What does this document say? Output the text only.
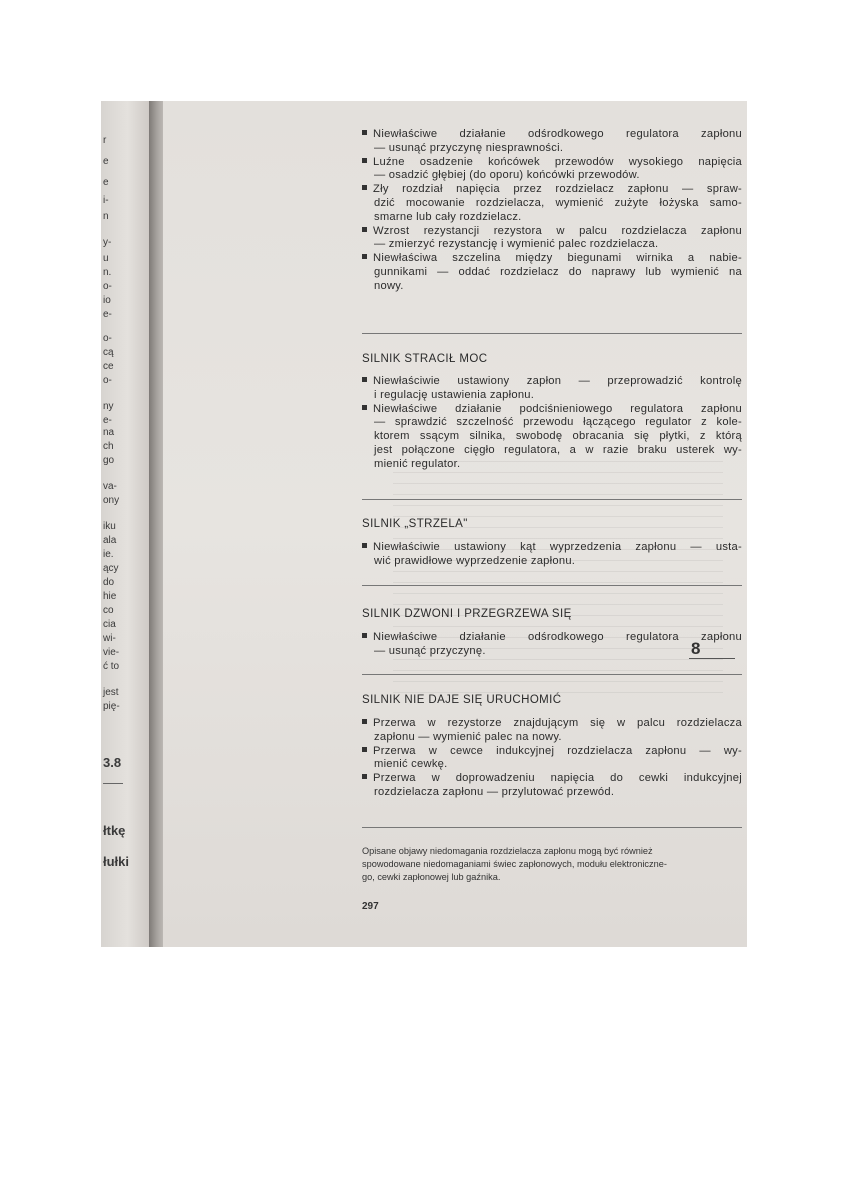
r
e
e
i-
n
y-
u
n.
o-
io
e-
o-
cą
ce
o-
ny
e-
na
ch
go
va-
ony
iku
ala
ie.
ący
do
hie
co
cia
wi-
vie-
ć to
jest
pię-
3.8
łtkę
łułki
Niewłaściwe działanie odśrodkowego regulatora zapłonu
— usunąć przyczynę niesprawności.
Luźne osadzenie końcówek przewodów wysokiego napięcia
— osadzić głębiej (do oporu) końcówki przewodów.
Zły rozdział napięcia przez rozdzielacz zapłonu — spraw-
dzić mocowanie rozdzielacza, wymienić zużyte łożyska samo-
smarne lub cały rozdzielacz.
Wzrost rezystancji rezystora w palcu rozdzielacza zapłonu
— zmierzyć rezystancję i wymienić palec rozdzielacza.
Niewłaściwa szczelina między biegunami wirnika a nabie-
gunnikami — oddać rozdzielacz do naprawy lub wymienić na
nowy.
SILNIK STRACIŁ MOC
Niewłaściwie ustawiony zapłon — przeprowadzić kontrolę
i regulację ustawienia zapłonu.
Niewłaściwe działanie podciśnieniowego regulatora zapłonu
— sprawdzić szczelność przewodu łączącego regulator z kole-
ktorem ssącym silnika, swobodę obracania się płytki, z którą
jest połączone cięgło regulatora, a w razie braku usterek wy-
mienić regulator.
SILNIK „STRZELA"
Niewłaściwie ustawiony kąt wyprzedzenia zapłonu — usta-
wić prawidłowe wyprzedzenie zapłonu.
SILNIK DZWONI I PRZEGRZEWA SIĘ
Niewłaściwe działanie odśrodkowego regulatora zapłonu
— usunąć przyczynę.
SILNIK NIE DAJE SIĘ URUCHOMIĆ
Przerwa w rezystorze znajdującym się w palcu rozdzielacza
zapłonu — wymienić palec na nowy.
Przerwa w cewce indukcyjnej rozdzielacza zapłonu — wy-
mienić cewkę.
Przerwa w doprowadzeniu napięcia do cewki indukcyjnej
rozdzielacza zapłonu — przylutować przewód.
Opisane objawy niedomagania rozdzielacza zapłonu mogą być również
spowodowane niedomaganiami świec zapłonowych, modułu elektroniczne-
go, cewki zapłonowej lub gaźnika.
297
8
